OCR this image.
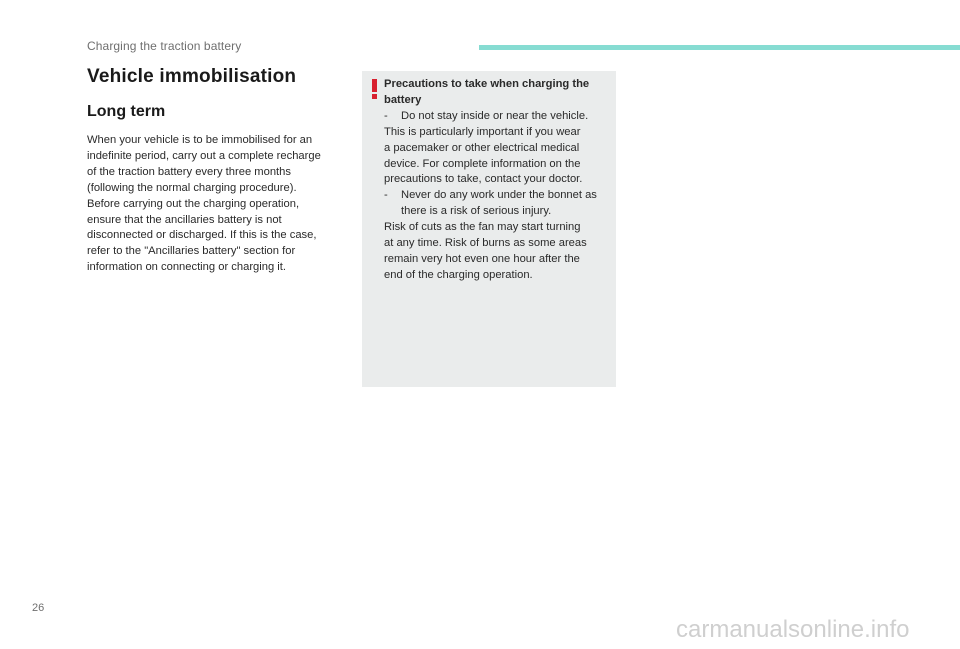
Charging the traction battery
Vehicle immobilisation
Long term

When your vehicle is to be immobilised for an
indefinite period, carry out a complete recharge
of the traction battery every three months
(following the normal charging procedure).
Before carrying out the charging operation,
ensure that the ancillaries battery is not
disconnected or discharged. If this is the case,
refer to the "Ancillaries battery" section for
information on connecting or charging it.

Precautions to take when charging the
battery
- Do not stay inside or near the vehicle.
This is particularly important if you wear
a pacemaker or other electrical medical
device. For complete information on the
precautions to take, contact your doctor.
- Never do any work under the bonnet as
there is a risk of serious injury.
Risk of cuts as the fan may start turning
at any time. Risk of burns as some areas
remain very hot even one hour after the
end of the charging operation.
26
carmanualsonline.info
